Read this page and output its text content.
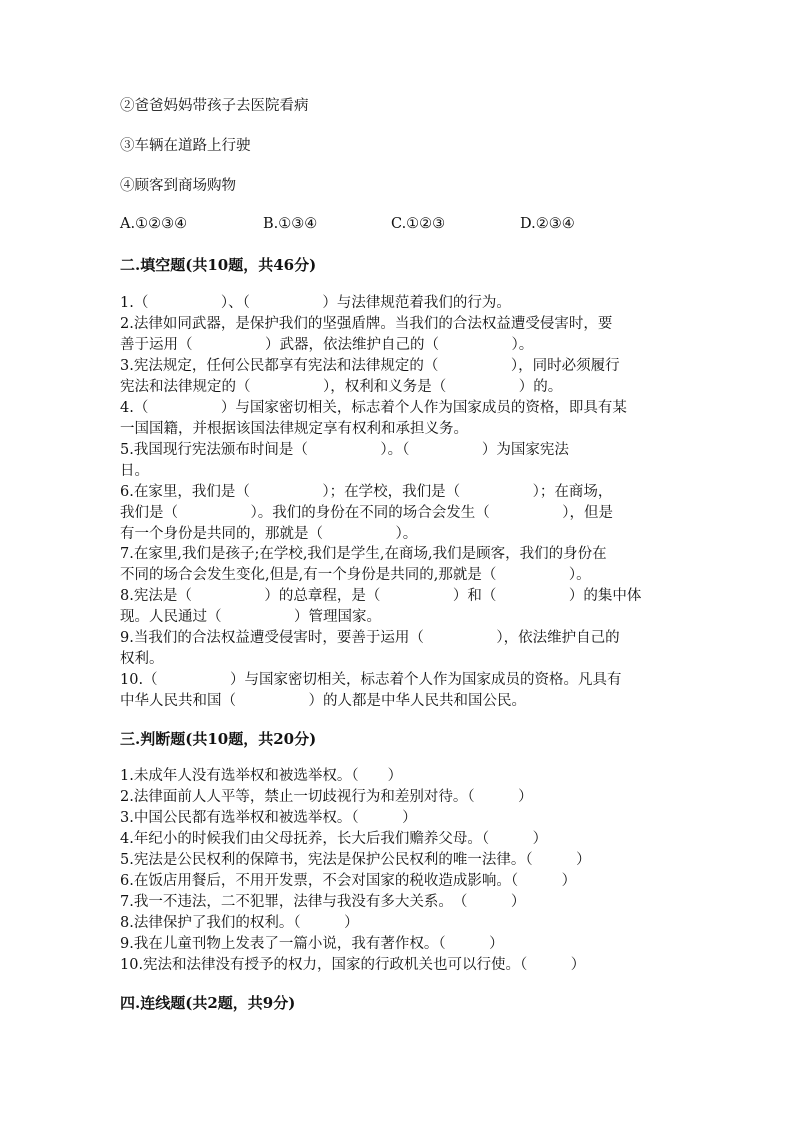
②爸爸妈妈带孩子去医院看病
③车辆在道路上行驶
④顾客到商场购物
A.①②③④	B.①③④	C.①②③	D.②③④
二.填空题(共10题，共46分)
1.（　　　　　）、（　　　　　）与法律规范着我们的行为。
2.法律如同武器，是保护我们的坚强盾牌。当我们的合法权益遭受侵害时，要
善于运用（　　　　　）武器，依法维护自己的（　　　　　）。
3.宪法规定，任何公民都享有宪法和法律规定的（　　　　　），同时必须履行
宪法和法律规定的（　　　　　），权利和义务是（　　　　　）的。
4.（　　　　　）与国家密切相关，标志着个人作为国家成员的资格，即具有某
一国国籍，并根据该国法律规定享有权利和承担义务。
5.我国现行宪法颁布时间是（　　　　　）。（　　　　　）为国家宪法
日。
6.在家里，我们是（　　　　　）；在学校，我们是（　　　　　）；在商场，
我们是（　　　　　）。我们的身份在不同的场合会发生（　　　　　），但是
有一个身份是共同的，那就是（　　　　　）。
7.在家里,我们是孩子;在学校,我们是学生,在商场,我们是顾客，我们的身份在
不同的场合会发生变化,但是,有一个身份是共同的,那就是（　　　　　）。
8.宪法是（　　　　　）的总章程，是（　　　　　）和（　　　　　）的集中体
现。人民通过（　　　　　）管理国家。
9.当我们的合法权益遭受侵害时，要善于运用（　　　　　），依法维护自己的
权利。
10.（　　　　　）与国家密切相关，标志着个人作为国家成员的资格。凡具有
中华人民共和国（　　　　　）的人都是中华人民共和国公民。
三.判断题(共10题，共20分)
1.未成年人没有选举权和被选举权。（　　）
2.法律面前人人平等，禁止一切歧视行为和差别对待。（　　　）
3.中国公民都有选举权和被选举权。（　　　）
4.年纪小的时候我们由父母抚养，长大后我们赡养父母。（　　　）
5.宪法是公民权利的保障书，宪法是保护公民权利的唯一法律。（　　　）
6.在饭店用餐后，不用开发票，不会对国家的税收造成影响。（　　　）
7.我一不违法，二不犯罪，法律与我没有多大关系。　（　　　）
8.法律保护了我们的权利。（　　　）
9.我在儿童刊物上发表了一篇小说，我有著作权。（　　　）
10.宪法和法律没有授予的权力，国家的行政机关也可以行使。（　　　）
四.连线题(共2题，共9分)
